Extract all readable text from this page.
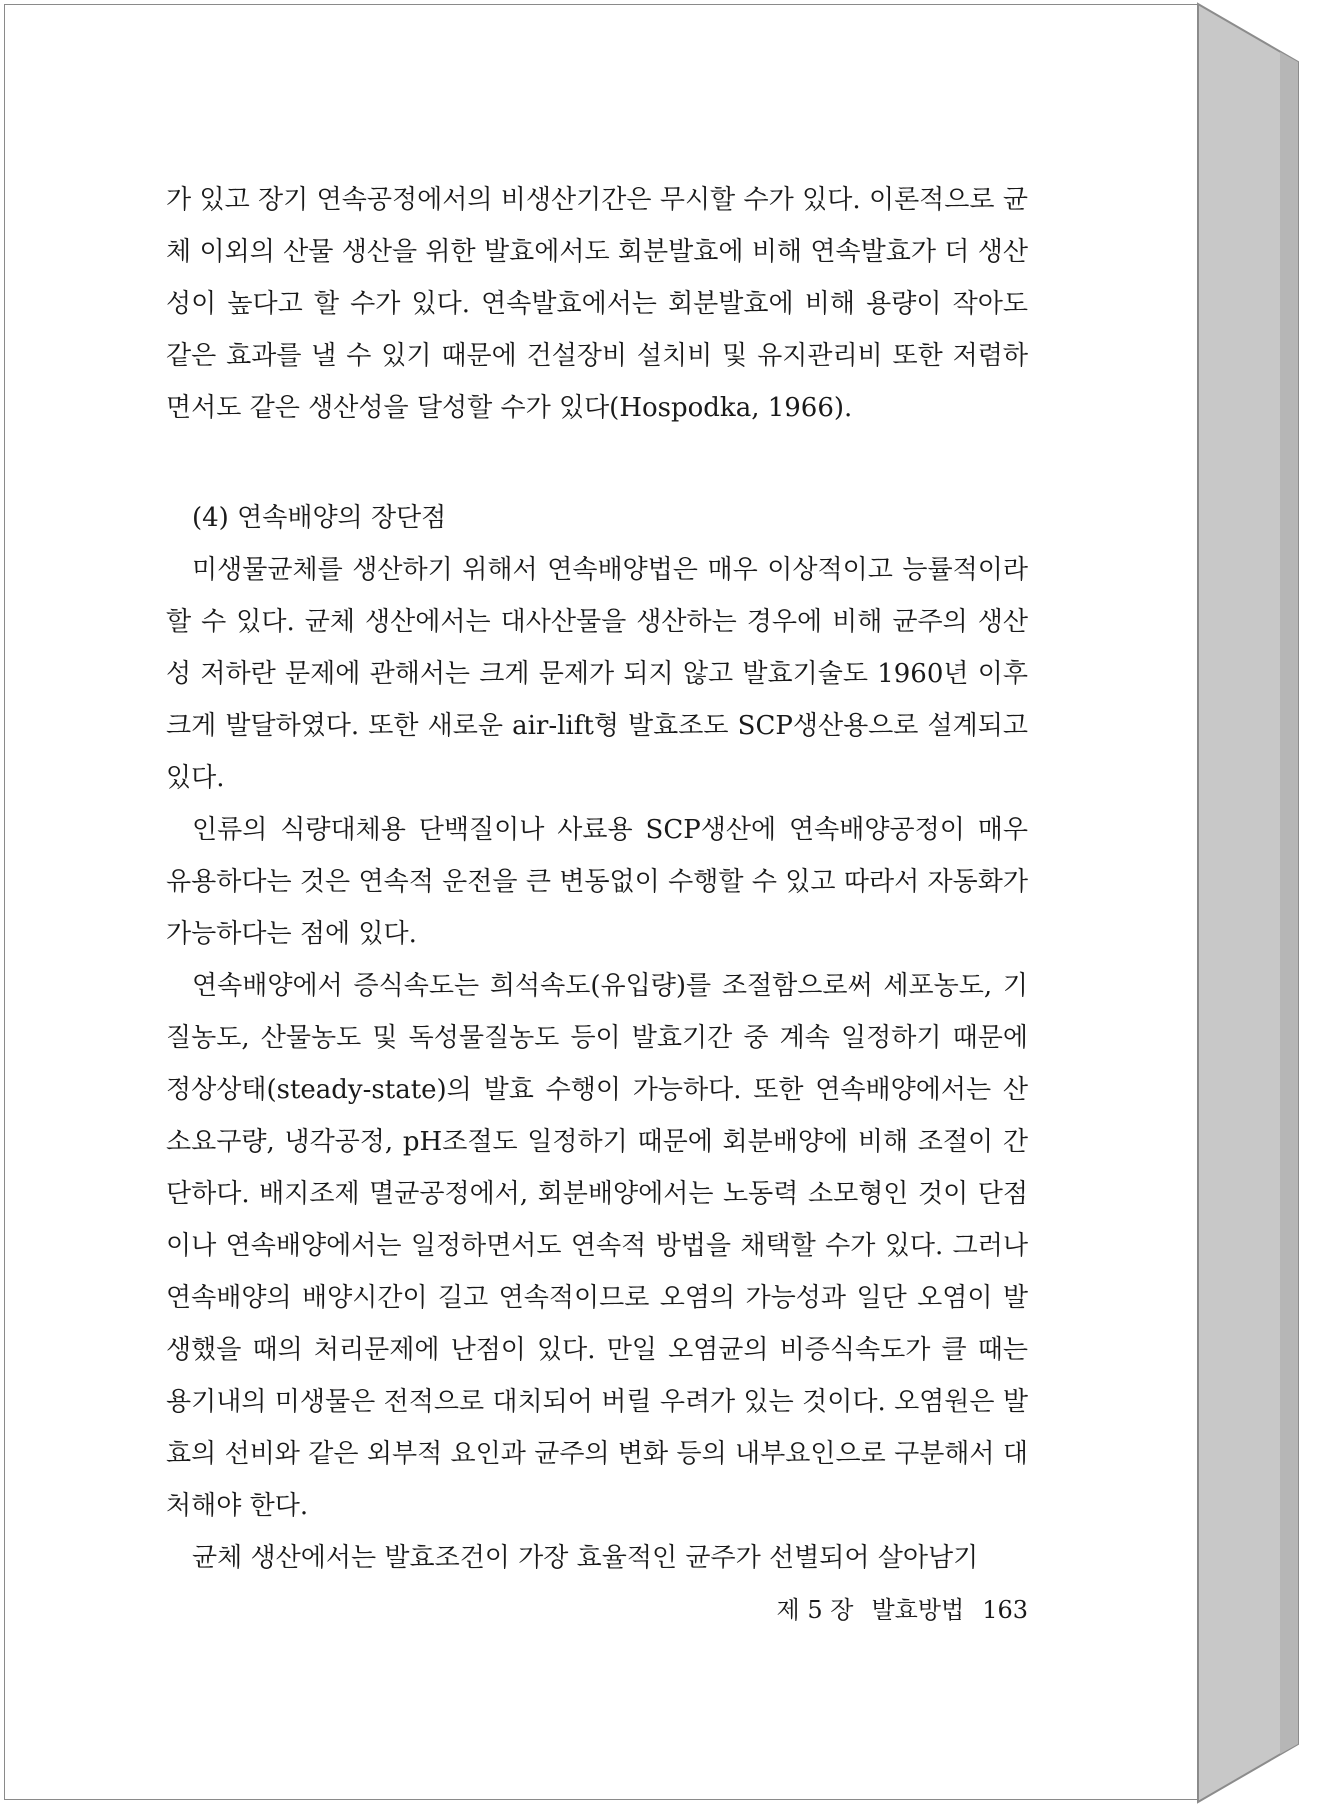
가 있고 장기 연속공정에서의 비생산기간은 무시할 수가 있다. 이론적으로 균체 이외의 산물 생산을 위한 발효에서도 회분발효에 비해 연속발효가 더 생산성이 높다고 할 수가 있다. 연속발효에서는 회분발효에 비해 용량이 작아도 같은 효과를 낼 수 있기 때문에 건설장비 설치비 및 유지관리비 또한 저렴하면서도 같은 생산성을 달성할 수가 있다(Hospodka, 1966).

(4) 연속배양의 장단점

미생물균체를 생산하기 위해서 연속배양법은 매우 이상적이고 능률적이라 할 수 있다. 균체 생산에서는 대사산물을 생산하는 경우에 비해 균주의 생산성 저하란 문제에 관해서는 크게 문제가 되지 않고 발효기술도 1960년 이후 크게 발달하였다. 또한 새로운 air-lift형 발효조도 SCP생산용으로 설계되고 있다.

인류의 식량대체용 단백질이나 사료용 SCP생산에 연속배양공정이 매우 유용하다는 것은 연속적 운전을 큰 변동없이 수행할 수 있고 따라서 자동화가 가능하다는 점에 있다.

연속배양에서 증식속도는 희석속도(유입량)를 조절함으로써 세포농도, 기질농도, 산물농도 및 독성물질농도 등이 발효기간 중 계속 일정하기 때문에 정상상태(steady-state)의 발효 수행이 가능하다. 또한 연속배양에서는 산소요구량, 냉각공정, pH조절도 일정하기 때문에 회분배양에 비해 조절이 간단하다. 배지조제 멸균공정에서, 회분배양에서는 노동력 소모형인 것이 단점이나 연속배양에서는 일정하면서도 연속적 방법을 채택할 수가 있다. 그러나 연속배양의 배양시간이 길고 연속적이므로 오염의 가능성과 일단 오염이 발생했을 때의 처리문제에 난점이 있다. 만일 오염균의 비증식속도가 클 때는 용기내의 미생물은 전적으로 대치되어 버릴 우려가 있는 것이다. 오염원은 발효의 선비와 같은 외부적 요인과 균주의 변화 등의 내부요인으로 구분해서 대처해야 한다.

균체 생산에서는 발효조건이 가장 효율적인 균주가 선별되어 살아남기

제 5 장 발효방법 163
